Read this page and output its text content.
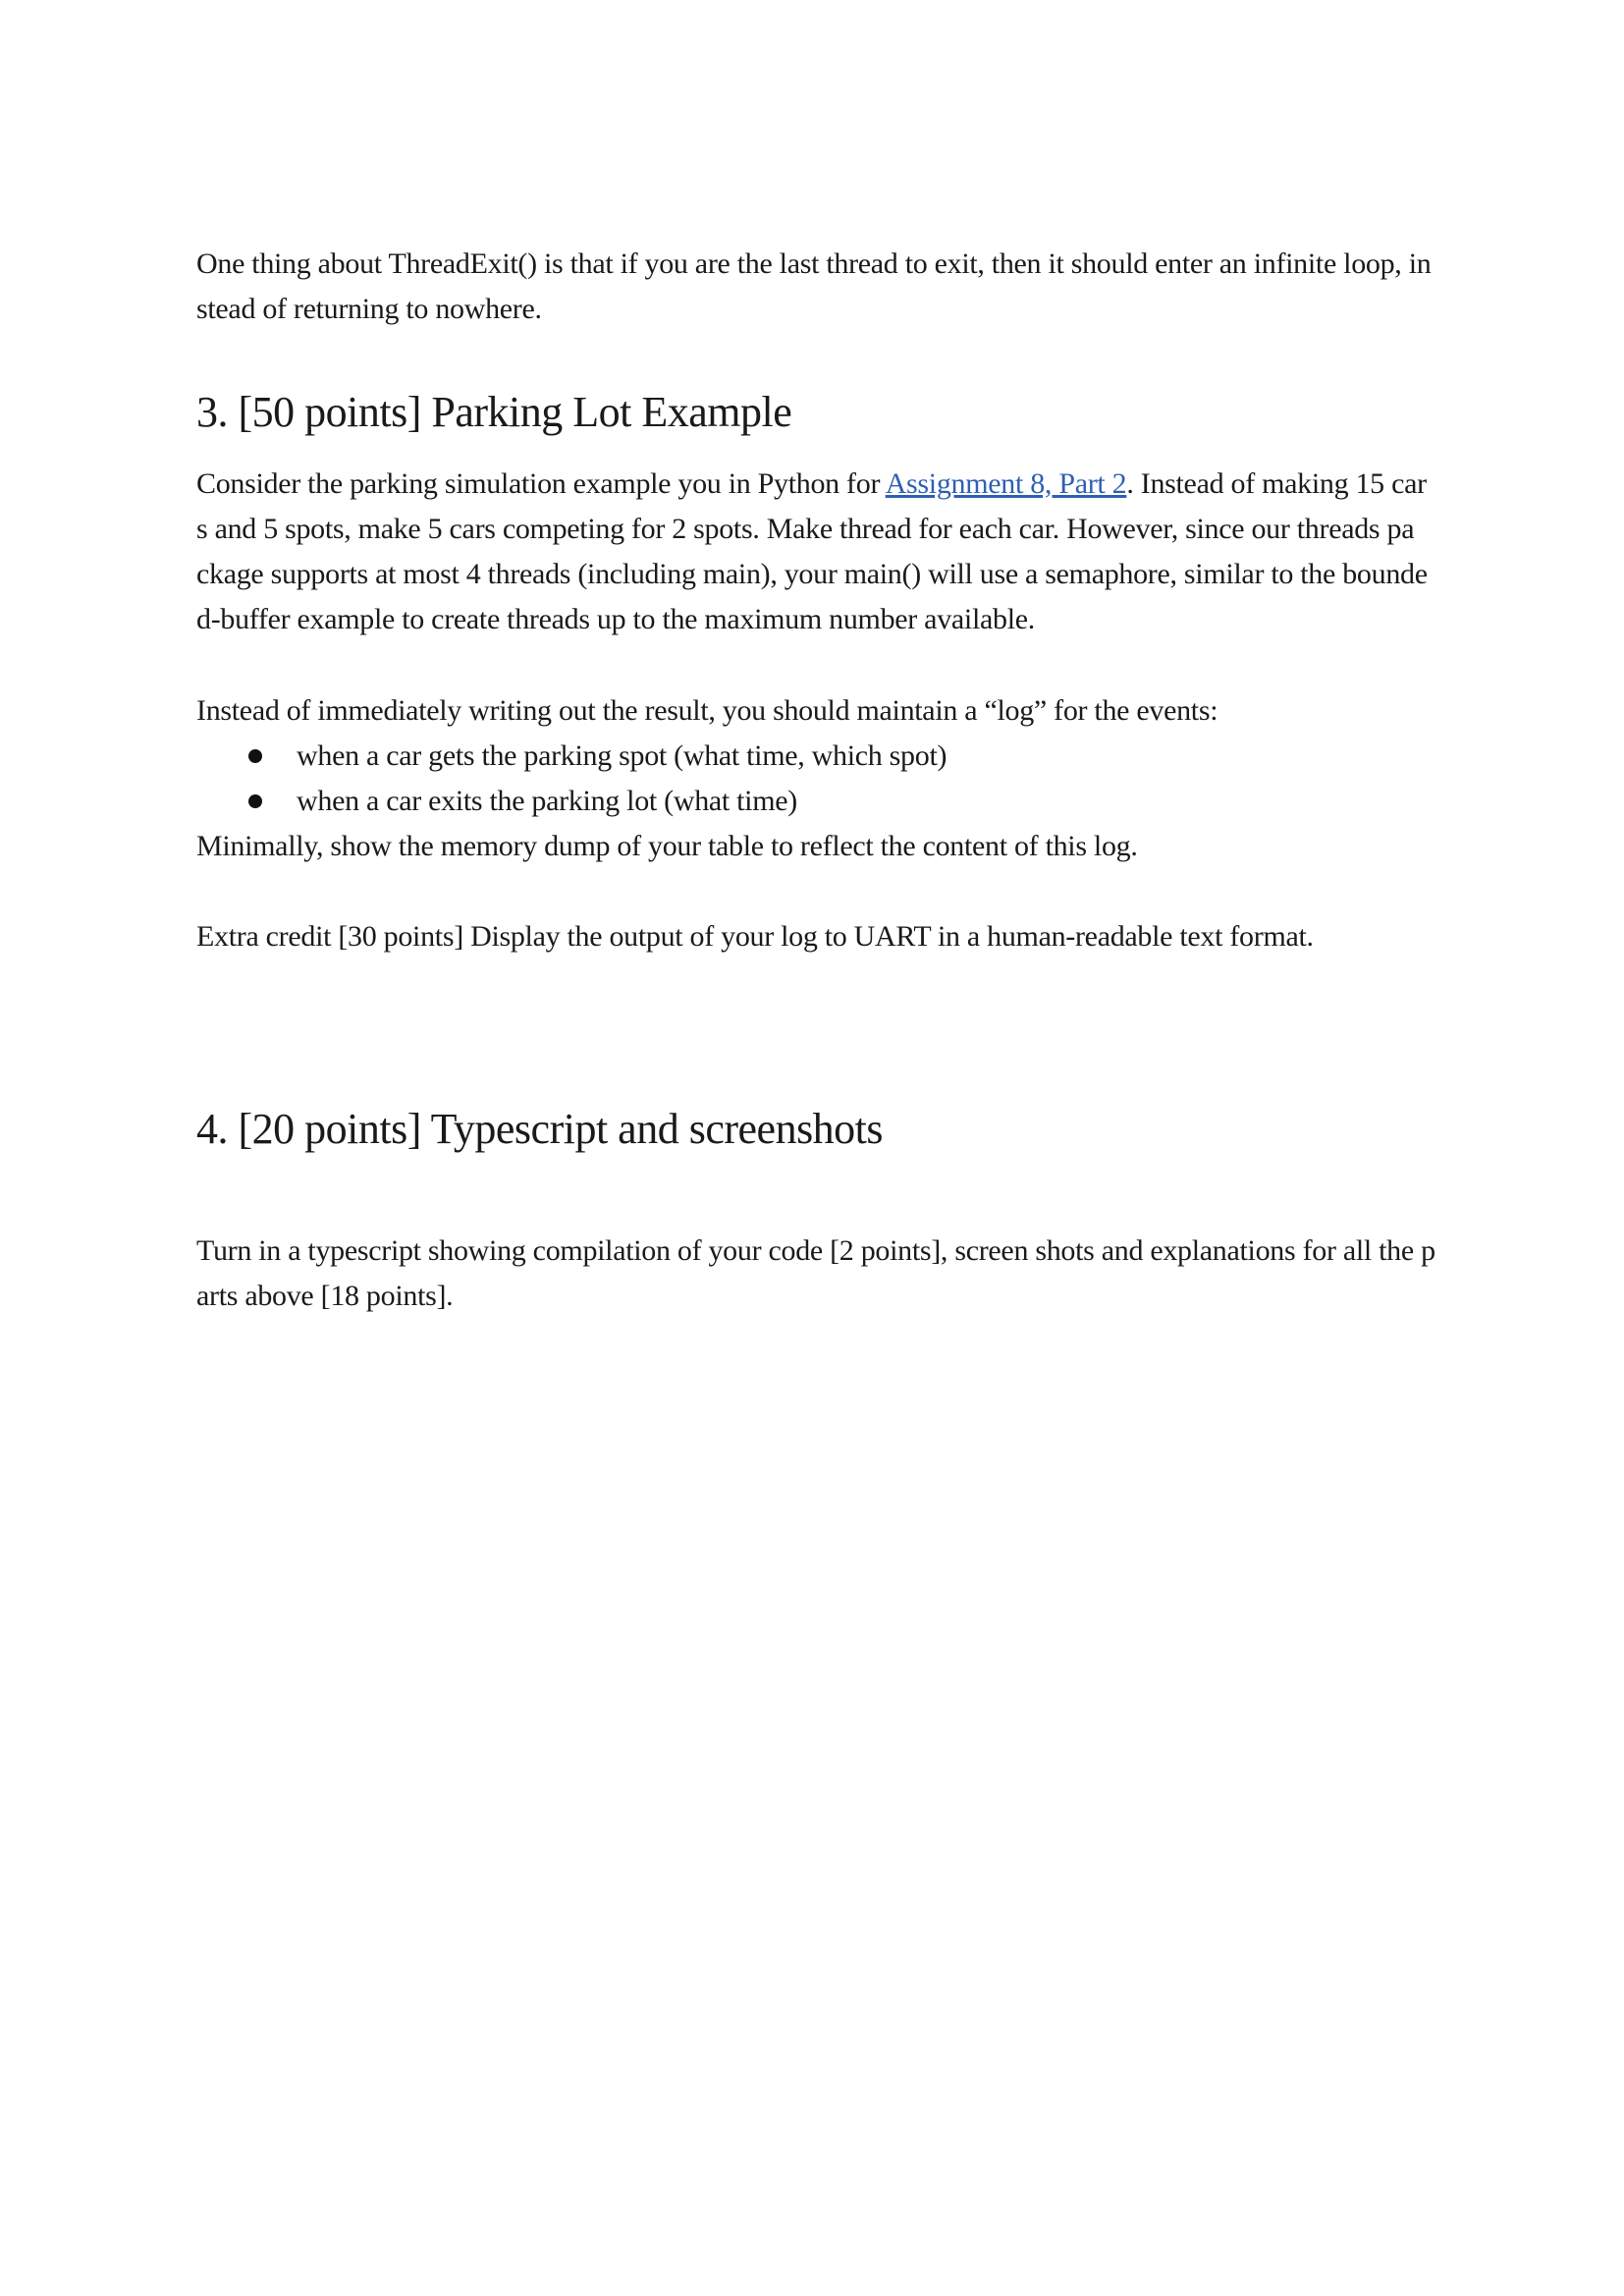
One thing about ThreadExit() is that if you are the last thread to exit, then it should enter an infinite loop, in
stead of returning to nowhere.
3. [50 points] Parking Lot Example
Consider the parking simulation example you in Python for Assignment 8, Part 2. Instead of making 15 car
s and 5 spots, make 5 cars competing for 2 spots. Make thread for each car. However, since our threads pa
ckage supports at most 4 threads (including main), your main() will use a semaphore, similar to the bounde
d-buffer example to create threads up to the maximum number available.
Instead of immediately writing out the result, you should maintain a “log” for the events:
when a car gets the parking spot (what time, which spot)
when a car exits the parking lot (what time)
Minimally, show the memory dump of your table to reflect the content of this log.
Extra credit [30 points] Display the output of your log to UART in a human-readable text format.
4. [20 points] Typescript and screenshots
Turn in a typescript showing compilation of your code [2 points], screen shots and explanations for all the p
arts above [18 points].
